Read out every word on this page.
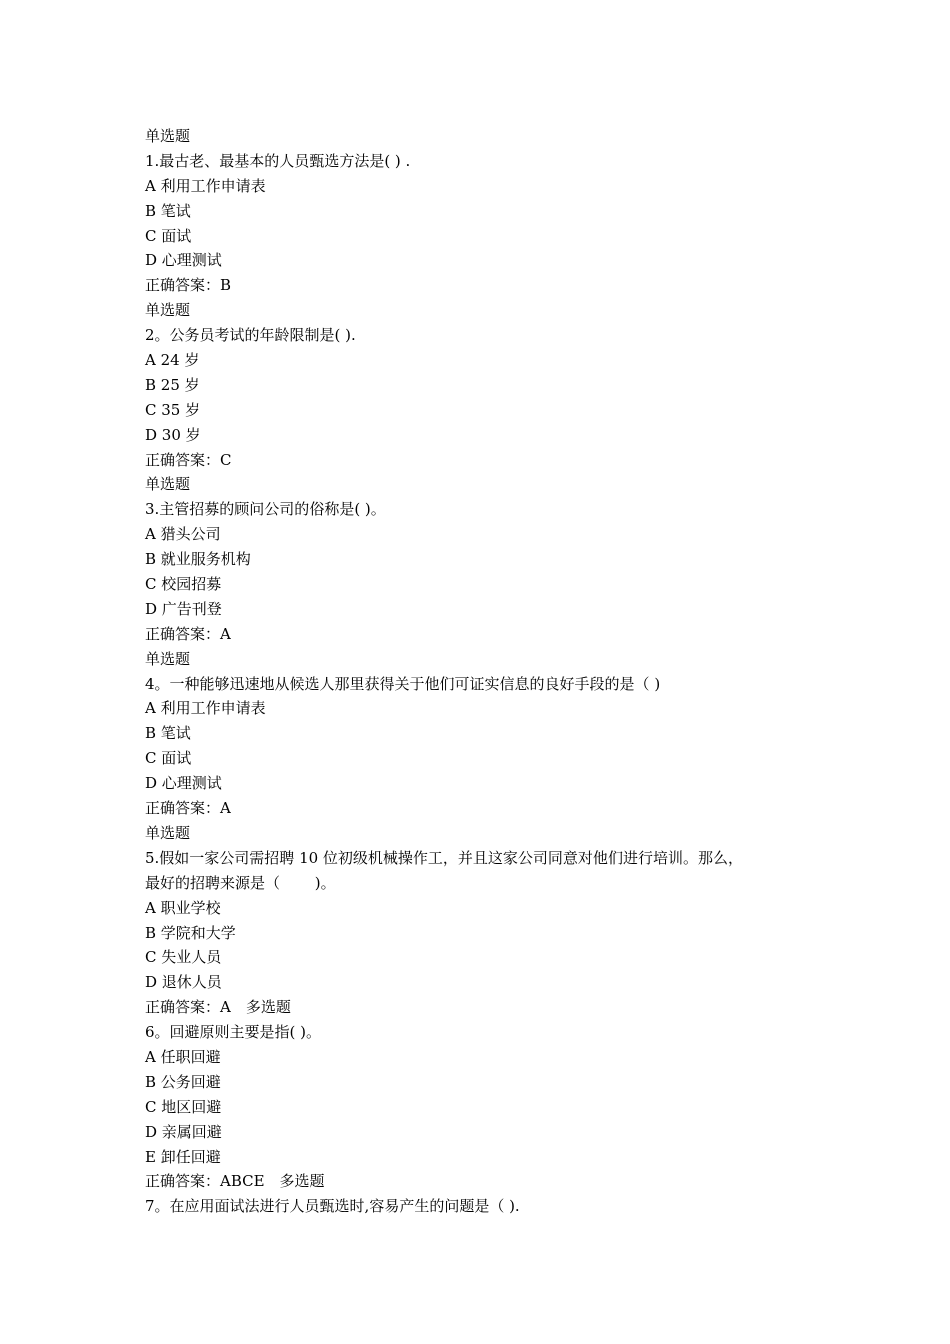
单选题
1.最古老、最基本的人员甄选方法是( ) .
A 利用工作申请表
B 笔试
C 面试
D 心理测试
正确答案：B
单选题
2。公务员考试的年龄限制是( ).
A 24 岁
B 25 岁
C 35 岁
D 30 岁
正确答案：C
单选题
3.主管招募的顾问公司的俗称是( )。
A 猎头公司
B 就业服务机构
C 校园招募
D 广告刊登
正确答案：A
单选题
4。一种能够迅速地从候选人那里获得关于他们可证实信息的良好手段的是（ )
A 利用工作申请表
B 笔试
C 面试
D 心理测试
正确答案：A
单选题
5.假如一家公司需招聘 10 位初级机械操作工，并且这家公司同意对他们进行培训。那么，
最好的招聘来源是（　　 )。
A 职业学校
B 学院和大学
C 失业人员
D 退休人员
正确答案：A　多选题
6。回避原则主要是指( )。
A 任职回避
B 公务回避
C 地区回避
D 亲属回避
E 卸任回避
正确答案：ABCE　多选题
7。在应用面试法进行人员甄选时,容易产生的问题是（ ).
